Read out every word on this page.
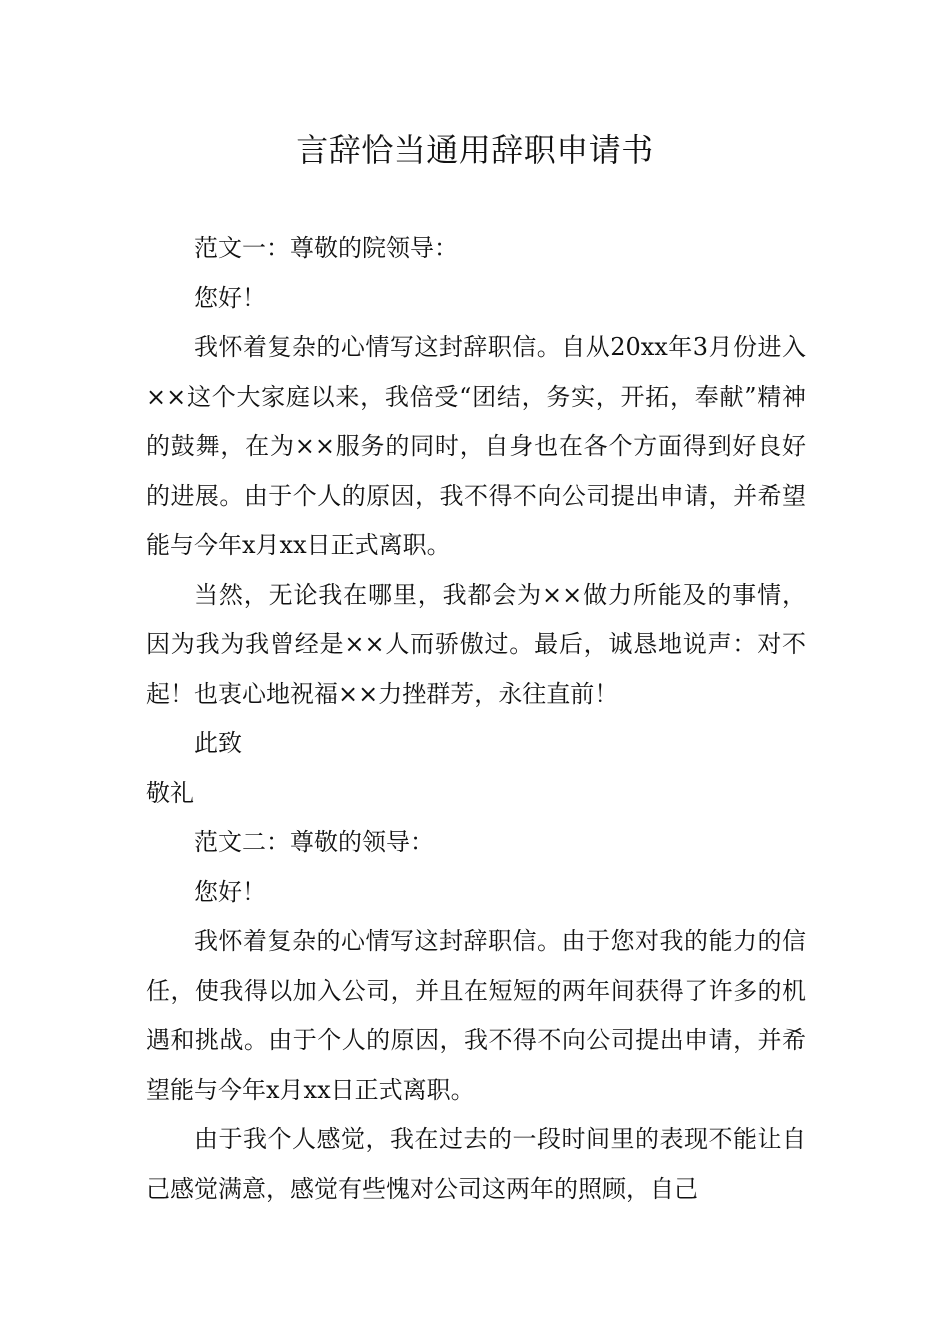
言辞恰当通用辞职申请书

范文一：尊敬的院领导：

您好！

我怀着复杂的心情写这封辞职信。自从20xx年3月份进入××这个大家庭以来，我倍受“团结，务实，开拓，奉献”精神的鼓舞，在为××服务的同时，自身也在各个方面得到好良好的进展。由于个人的原因，我不得不向公司提出申请，并希望能与今年x月xx日正式离职。

当然，无论我在哪里，我都会为××做力所能及的事情，因为我为我曾经是××人而骄傲过。最后，诚恳地说声：对不起！也衷心地祝福××力挫群芳，永往直前！

此致

敬礼

范文二：尊敬的领导：

您好！

我怀着复杂的心情写这封辞职信。由于您对我的能力的信任，使我得以加入公司，并且在短短的两年间获得了许多的机遇和挑战。由于个人的原因，我不得不向公司提出申请，并希望能与今年x月xx日正式离职。

由于我个人感觉，我在过去的一段时间里的表现不能让自己感觉满意，感觉有些愧对公司这两年的照顾，自己
